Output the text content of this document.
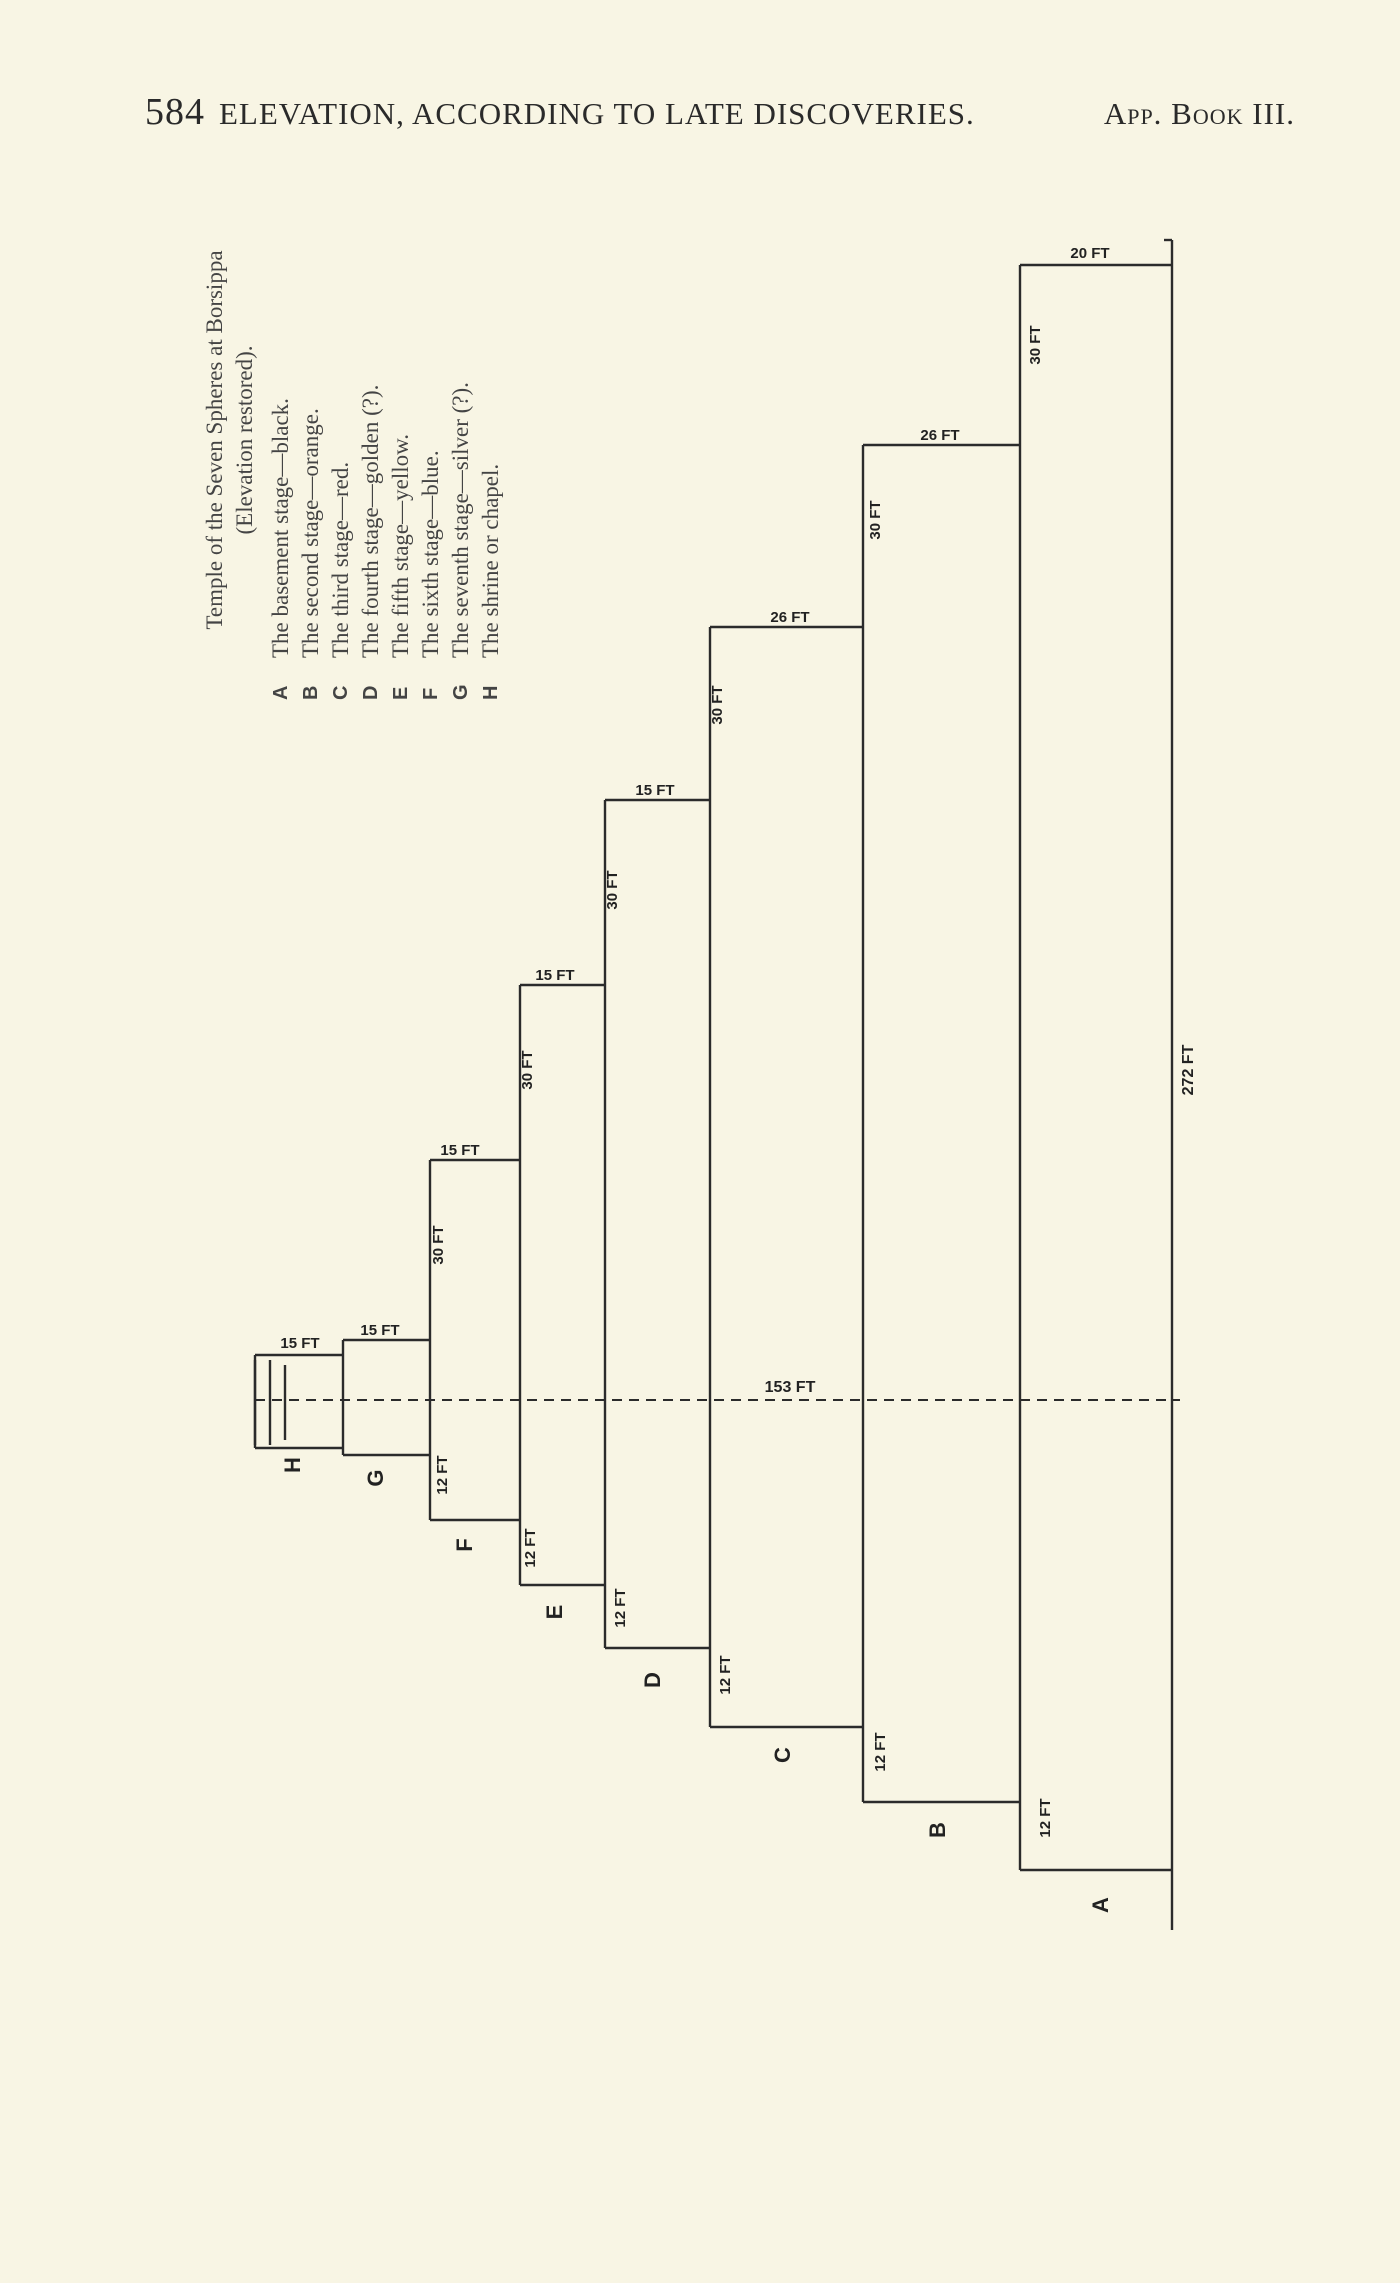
584 ELEVATION, ACCORDING TO LATE DISCOVERIES.	App. Book III.
Temple of the Seven Spheres at Borsippa (Elevation restored).
A
The basement stage—black.
B
The second stage—orange.
C
The third stage—red.
D
The fourth stage—golden (?).
E
The fifth stage—yellow.
F
The sixth stage—blue.
G
The seventh stage—silver (?).
H
The shrine or chapel.
A
B
C
D
E
F
G
H
12 FT
12 FT
12 FT
12 FT
12 FT
12 FT
30 FT
30 FT
30 FT
30 FT
30 FT
30 FT
26 FT
26 FT
15 FT
15 FT
15 FT
15 FT
15 FT
20 FT
272 FT
153 FT
